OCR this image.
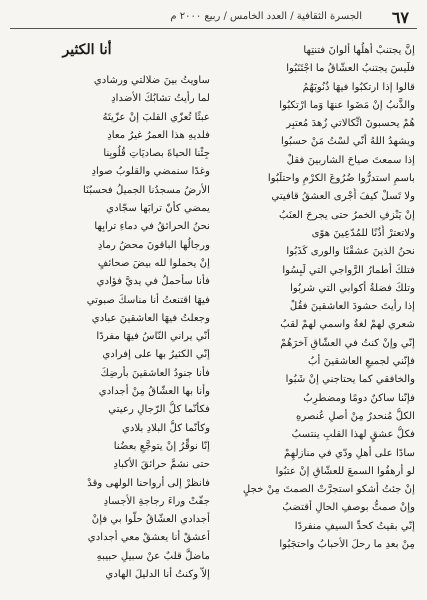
٦٧
الجسرة الثقافية / العدد الخامس / ربيع ٢٠٠٠ م
إنَّ يجتنبْ أهلُها ألوانَ فتنتِها
فلَيسَ يجتنبُ العشّاقُ ما اجْتَنَبُوا
قالوا إذا ارتكبُوا فيهَا ذُنُوبَهُمُ
والذَّنبُ إنْ مَضَوا عنهَا وَما ارْتكبُوا
هُمْ يحسبونَ اتِّكالاتي زُهدَ مُعتبِر
ويشهدُ اللهُ أنّي لسْتُ مَنْ حسبُوا
إذا سمعتَ صياحَ الشاربينَ فقلْ
باسمِ استدرُّوا ضُرُوعَ الكرْمِ واحتلَبُوا
ولا تَسلْ كيفَ أُجْرى العشقُ قافيتي
إنْ يَنْزفِ الخمرُ حتى يجرحَ العنَبُ
ولاتعترْ أُذُنًا للمُدّعِينَ هوًى
نحنُ الذينَ عشقْنَا والورى كَذَبُوا
فتلكَ أطمارُ الرَّواجي التي لَبِسُوا
وتلكَ فضلةُ أكوابي التي شربُوا
إذا رأيتَ حشودَ العاشقينَ فقُلْ
شعري لهمْ لغةٌ واسمي لهمْ لقبُ
إنّي وإنْ كنتُ في العشّاقِ آخرَهُمْ
فإنّني لجميعِ العاشقينَ أبُ
والخافقي كما يحتاجني إنْ شَبُوا
فإنّنا ساكنٌ دومًا ومضطرِبُ
الكلُّ مُنحدرٌ مِنْ أصلِ عُنصرهِ
فكلُّ عشقٍ لهذا القلبِ ينتسبُ
سادًا على أهلِ ودّي في منازلهِمْ
لو أرهفُوا السمعَ للعشّاقِ إنْ عتبُوا
إنْ جئتُ أشكو استجرَّتْ الصمتَ مِنْ خجلٍ
وإنْ صمتُّ بوصفِ الحالِ أقتضبُ
إنّي بقيتُ كحدِّ السيفِ منفردًا
مِنْ بعدِ ما رحلَ الأحبابُ واحتجَبُوا
أنا الكثير
ساويتُ بينَ ضلالتي ورشادي
لما رأيتُ تشابُكَ الأضدادِ
عبثًا تُعزّي القلبَ إنْ عزّيتَهُ
فلديهِ هذا العمرُ غيرُ معادِ
جِئْنا الحياةَ بصاديَاتِ قُلُوبِنا
وغدًا سنمضي والقلوبُ صوادِ
الأرضُ مسجدُنا الجميلُ فحسبُنَا
يمضي كأنّ ترابَها سجّادي
نحنُ الحرائقُ في دماءِ ترابِها
ورجالُها الباقونَ محضُ رمادِ
إنْ يحملوا لله بيضَ صحائفٍ
فأنا سأحملُ في يديَّ فؤادي
فيهَا اقتنعتُ أنا مناسكَ صبوتي
وجعلتُ فيهَا العاشقينَ عبادي
أنّي يراني النّاسُ فيهَا مفردًا
إنّي الكثيرُ بها على إفرادي
فأنا جنودُ العاشقينَ بأرضِكَ
وأنا بها العشّاقُ مِنْ أجدادي
فكأنّما كلُّ الرّجالِ رعيتي
وكأنّما كلُّ البلادِ بلادي
إنّا نوقِّرُ إنْ يتوجَّعِ بعضُنا
حتى نشمَّ حرائقَ الأكبادِ
فانظرْ إلى أرواحنا الولهى وقدْ
جفّتْ وراءَ رجاجةِ الأجسادِ
أجدادي العشّاقُ حلّوا بي فإنْ
أعشقْ أنا يعشقْ معي أجدادي
ماضلَّ قلبٌ عنْ سبيلِ حبيبهِ
إلاّ وكنتُ أنا الدليلَ الهادي
